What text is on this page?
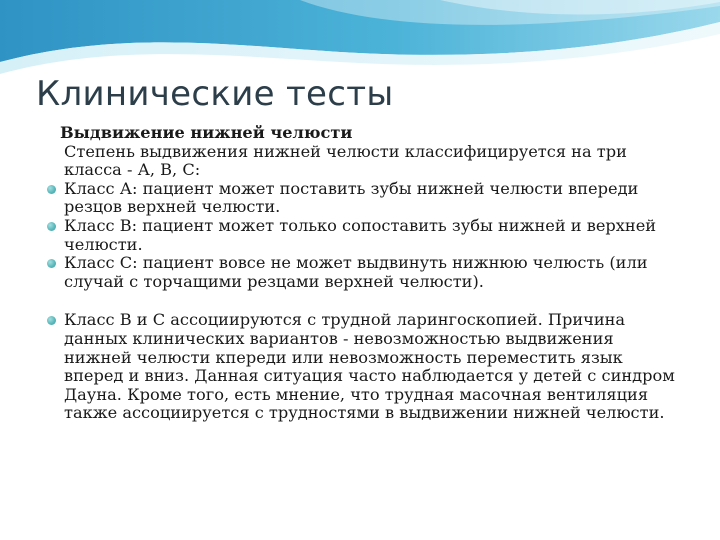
Клинические тесты

Выдвижение нижней челюсти

Степень выдвижения нижней челюсти классифицируется на три класса - А, В, С:

Класс А: пациент может поставить зубы нижней челюсти впереди резцов верхней челюсти.
Класс В: пациент может только сопоставить зубы нижней и верхней челюсти.
Класс С: пациент вовсе не может выдвинуть нижнюю челюсть (или случай с торчащими резцами верхней челюсти).
Класс В и С ассоциируются с трудной ларингоскопией. Причина данных клинических вариантов - невозможностью выдвижения нижней челюсти кпереди или невозможность переместить язык вперед и вниз. Данная ситуация часто наблюдается у детей с синдром Дауна. Кроме того, есть мнение, что трудная масочная вентиляция также ассоциируется с трудностями в выдвижении нижней челюсти.
